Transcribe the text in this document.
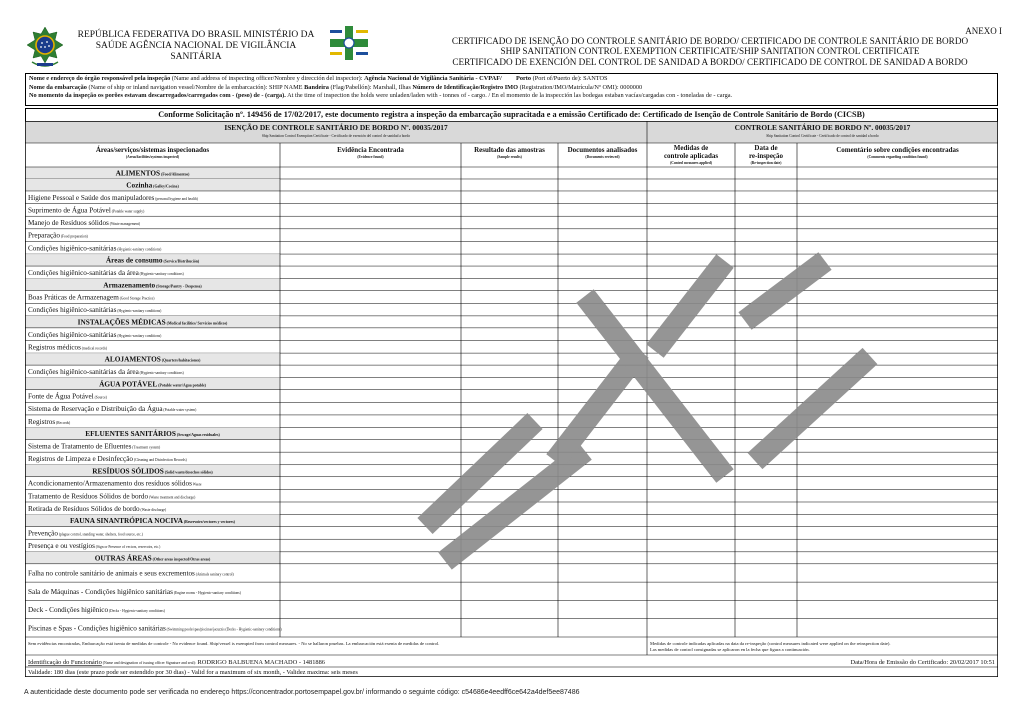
ANEXO I
REPÚBLICA FEDERATIVA DO BRASIL MINISTÉRIO DA
SAÚDE AGÊNCIA NACIONAL DE VIGILÂNCIA
SANITÁRIA
CERTIFICADO DE ISENÇÃO DO CONTROLE SANITÁRIO DE BORDO/ CERTIFICADO DE CONTROLE SANITÁRIO DE BORDO
SHIP SANITATION CONTROL EXEMPTION CERTIFICATE/SHIP SANITATION CONTROL CERTIFICATE
CERTIFICADO DE EXENCIÓN DEL CONTROL DE SANIDAD A BORDO/ CERTIFICADO DE CONTROL DE SANIDAD A BORDO
Nome e endereço do órgão responsável pela inspeção (Name and address of inspecting officer/Nombre y dirección del inspector): Agência Nacional de Vigilância Sanitária - CVPAF/ Porto (Port of/Puerto de): SANTOS
Nome da embarcação (Name of ship or inland navigation vessel/Nombre de la embarcación): SHIP NAME Bandeira (Flag/Pabellón): Marshall, Ilhas Número de Identificação/Registro IMO (Registration/IMO/Matrícula/Nº OMI): 0000000
No momento da inspeção os porões estavam descarregados/carregados com - (peso) de - (carga). At the time of inspection the holds were unladen/laden with - tonnes of - cargo. / En el momento de la inspección las bodegas estaban vacías/cargadas con - toneladas de - carga.
Conforme Solicitação nº. 149456 de 17/02/2017, este documento registra a inspeção da embarcação supracitada e a emissão Certificado de: Certificado de Isenção de Controle Sanitário de Bordo (CICSB)
ISENÇÃO DE CONTROLE SANITÁRIO DE BORDO Nº. 00035/2017
Ship Sanitation Control Exemption Certificate - Certificado de exención del control de sanidad a bordo
CONTROLE SANITÁRIO DE BORDO Nº. 00035/2017
Ship Sanitation Control Certificate - Certificado de control de sanidad a bordo
Áreas/serviços/sistemas inspecionados
(Areas/facilities/systems inspected)
Evidência Encontrada
(Evidence found)
Resultado das amostras
(Sample results)
Documentos analisados
(Documents reviewed)
Medidas de
controle aplicadas
(Control measures applied)
Data de
re-inspeção
(Re-inspection date)
Comentário sobre condições encontradas
(Comments regarding condition found)
ALIMENTOS (Food/Alimentos)
Cozinha (Galley/Cocina)
Higiene Pessoal e Saúde dos manipuladores (personal hygiene and health)
Suprimento de Água Potável (Potable water supply)
Manejo de Resíduos sólidos (Waste management)
Preparação (Food preparation)
Condições higiênico-sanitárias (Hygienic-sanitary conditions)
Áreas de consumo (Service/Distribución)
Condições higiênico-sanitárias da área (Hygienic-sanitary conditions)
Armazenamento (Storage/Pantry - Despensa)
Boas Práticas de Armazenagem (Good Storage Practice)
Condições higiênico-sanitárias (Hygienic-sanitary conditions)
INSTALAÇÕES MÉDICAS (Medical facilities/ Servicios médicos)
Condições higiênico-sanitárias (Hygienic-sanitary conditions)
Registros médicos (medical records)
ALOJAMENTOS (Quarters/habitaciones)
Condições higiênico-sanitárias da área (Hygienic-sanitary conditions)
ÁGUA POTÁVEL (Potable water/Agua potable)
Fonte de Água Potável (Source)
Sistema de Reservação e Distribuição da Água (Potable water system)
Registros (Records)
EFLUENTES SANITÁRIOS (Sewage/Aguas residuales)
Sistema de Tratamento de Efluentes (Treatment system)
Registros de Limpeza e Desinfecção (Cleaning and Disinfection Records)
RESÍDUOS SÓLIDOS (Solid waste/desechos sólidos)
Acondicionamento/Armazenamento dos resíduos sólidos Waste
Tratamento de Resíduos Sólidos de bordo (Waste treatment and discharge)
Retirada de Resíduos Sólidos de bordo (Waste discharge)
FAUNA SINANTRÓPICA NOCIVA (Reservoirs/vectores y vectores)
Prevenção (plague control, standing water, shelters, food source, etc.)
Presença e ou vestígios (Sign or Presence of vectors, reservoirs, etc.)
OUTRAS ÁREAS (Other areas inspected/Otras areas)
Falha no controle sanitário de animais e seus excrementos (Animals sanitary control)
Sala de Máquinas - Condições higiênico sanitárias (Engine rooms - Hygienic-sanitary conditions)
Deck - Condições higiênico (Decks - Hygienic-sanitary conditions)
Piscinas e Spas - Condições higiênico sanitárias (Swimming pools/spas/piscinas/jacuzzis (Decks - Hygienic-sanitary conditions)
Sem evidências encontradas, Embarcação está isenta de medidas de controle - No evidence found. Ship/vessel is exempted from control measures. - No se hallaron pruebas. La embarcación está exenta de medidas de control.	Medidas de controle indicadas aplicadas na data da re-inspeção (control measures indicated were applied on the reinspection date).
Las medidas de control consignadas se aplicaron en la fecha que figura a continuación.
Identificação do Funcionário (Name and designation of issuing officer Signature and seal): RODRIGO BALBUENA MACHADO - 1481886	Data/Hora de Emissão do Certificado: 20/02/2017 10:51
Validade: 180 dias (este prazo pode ser estendido por 30 dias) - Valid for a maximum of six month, - Validez maxima: seis meses
A autenticidade deste documento pode ser verificada no endereço https://concentrador.portosempapel.gov.br/ informando o seguinte código: c54686e4eedff6ce642a4def5ee87486
